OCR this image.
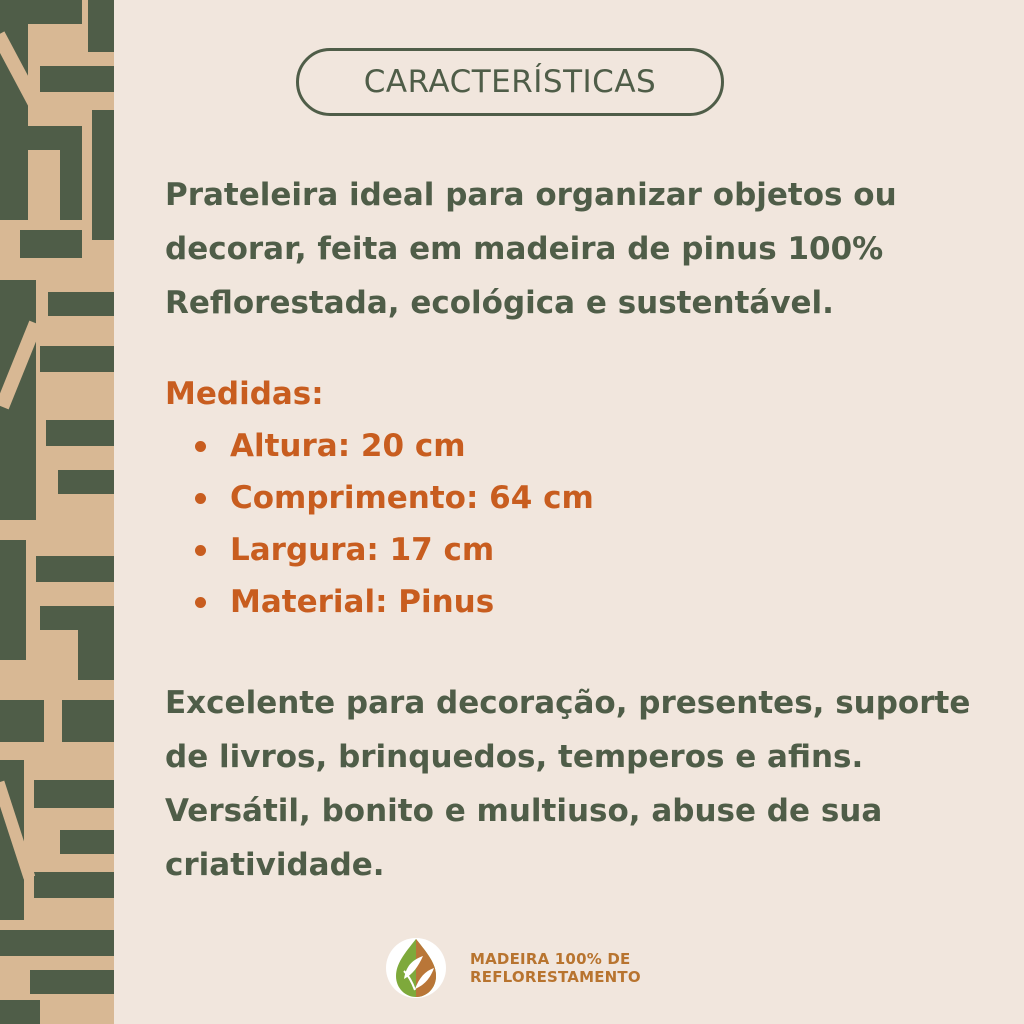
CARACTERÍSTICAS

Prateleira ideal para organizar objetos ou
decorar, feita em madeira de pinus 100%
Reflorestada, ecológica e sustentável.

Medidas:

Altura: 20 cm
Comprimento: 64 cm
Largura: 17 cm
Material: Pinus

Excelente para decoração, presentes, suporte
de livros, brinquedos, temperos e afins.
Versátil, bonito e multiuso, abuse de sua
criatividade.

MADEIRA 100% DE
REFLORESTAMENTO
